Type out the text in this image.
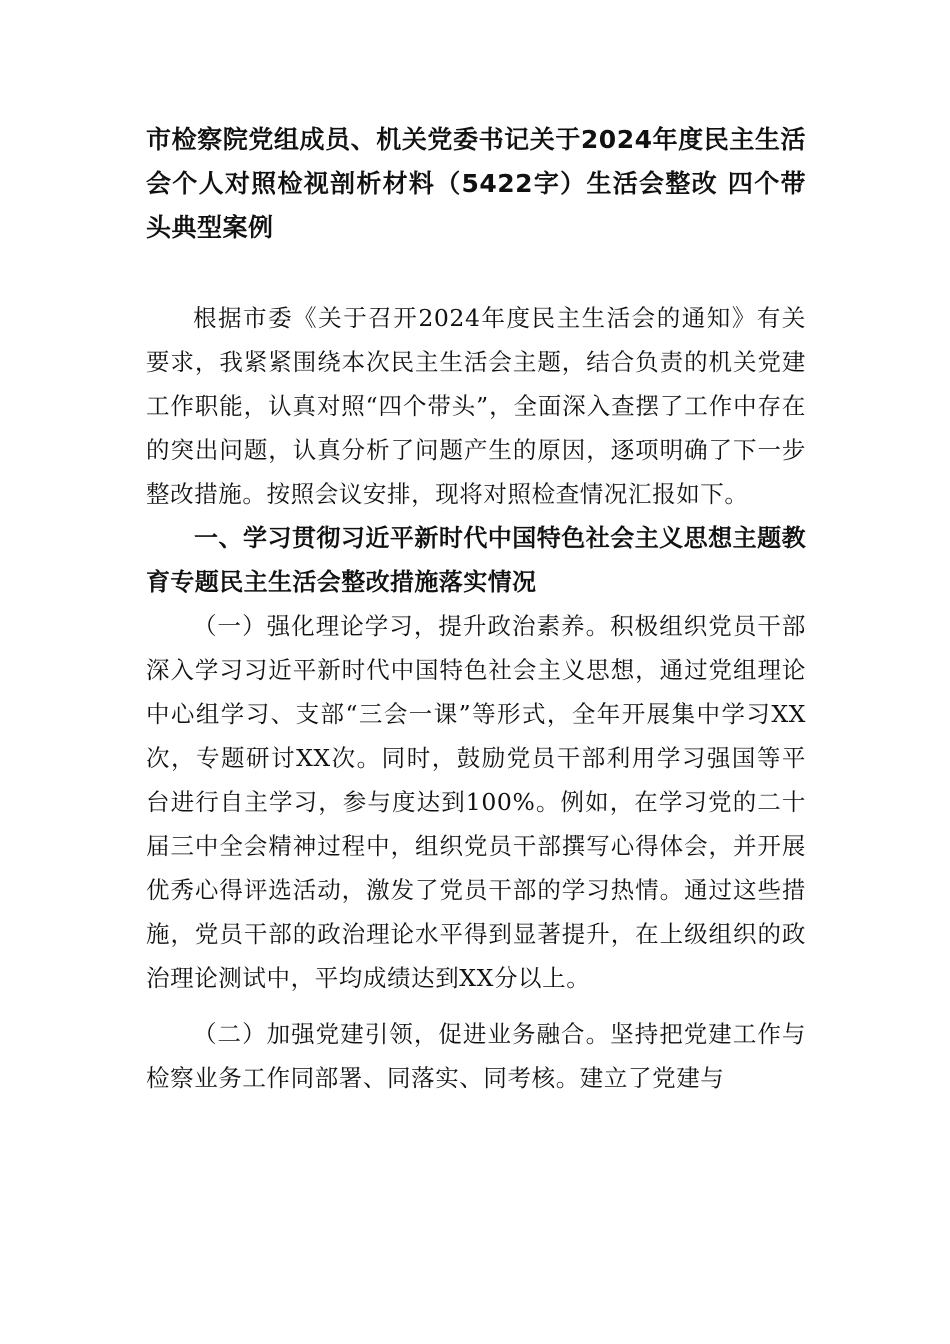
市检察院党组成员、机关党委书记关于2024年度民主生活会个人对照检视剖析材料（5422字）生活会整改 四个带头典型案例

根据市委《关于召开2024年度民主生活会的通知》有关要求，我紧紧围绕本次民主生活会主题，结合负责的机关党建工作职能，认真对照“四个带头”，全面深入查摆了工作中存在的突出问题，认真分析了问题产生的原因，逐项明确了下一步整改措施。按照会议安排，现将对照检查情况汇报如下。

一、学习贯彻习近平新时代中国特色社会主义思想主题教育专题民主生活会整改措施落实情况

（一）强化理论学习，提升政治素养。积极组织党员干部深入学习习近平新时代中国特色社会主义思想，通过党组理论中心组学习、支部“三会一课”等形式，全年开展集中学习XX次，专题研讨XX次。同时，鼓励党员干部利用学习强国等平台进行自主学习，参与度达到100%。例如，在学习党的二十届三中全会精神过程中，组织党员干部撰写心得体会，并开展优秀心得评选活动，激发了党员干部的学习热情。通过这些措施，党员干部的政治理论水平得到显著提升，在上级组织的政治理论测试中，平均成绩达到XX分以上。

（二）加强党建引领，促进业务融合。坚持把党建工作与检察业务工作同部署、同落实、同考核。建立了党建与
